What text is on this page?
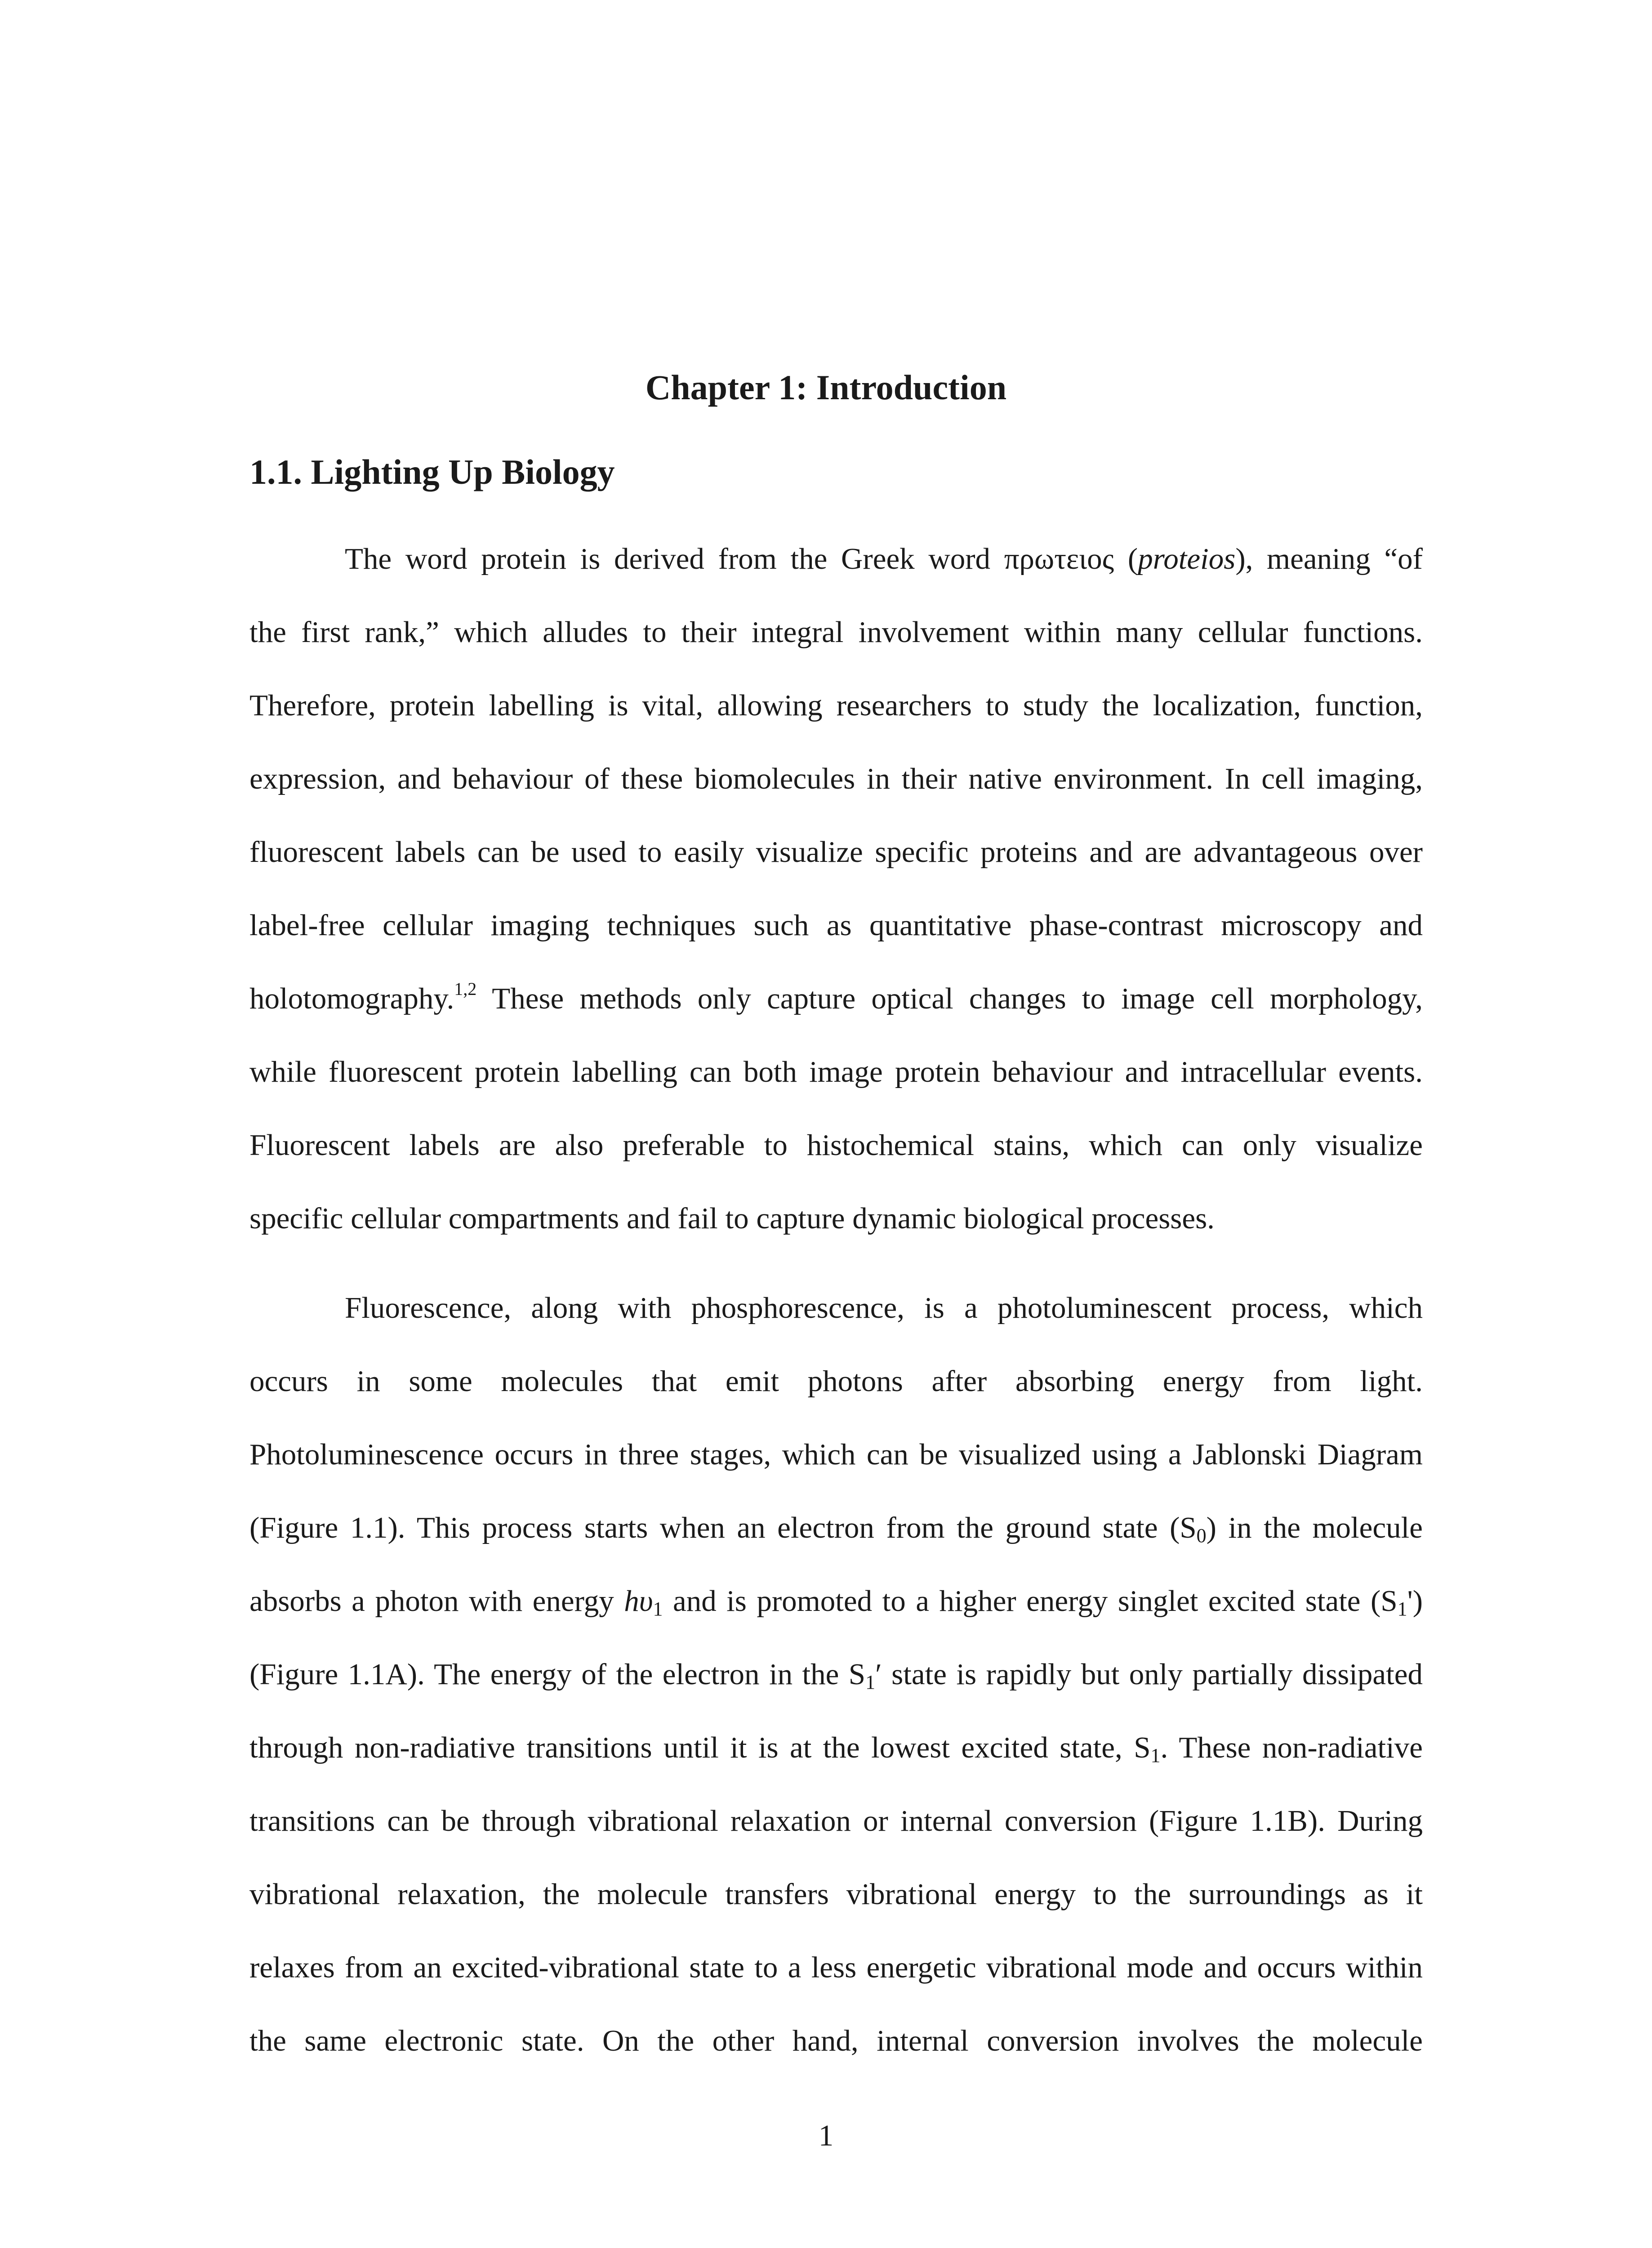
Chapter 1: Introduction
1.1. Lighting Up Biology
The word protein is derived from the Greek word πρωτειος (proteios), meaning “of
the first rank,” which alludes to their integral involvement within many cellular functions.
Therefore, protein labelling is vital, allowing researchers to study the localization, function,
expression, and behaviour of these biomolecules in their native environment. In cell imaging,
fluorescent labels can be used to easily visualize specific proteins and are advantageous over
label-free cellular imaging techniques such as quantitative phase-contrast microscopy and
holotomography.$^{1,2}$ These methods only capture optical changes to image cell morphology,
while fluorescent protein labelling can both image protein behaviour and intracellular events.
Fluorescent labels are also preferable to histochemical stains, which can only visualize
specific cellular compartments and fail to capture dynamic biological processes.
Fluorescence, along with phosphorescence, is a photoluminescent process, which
occurs in some molecules that emit photons after absorbing energy from light.
Photoluminescence occurs in three stages, which can be visualized using a Jablonski Diagram
(Figure 1.1). This process starts when an electron from the ground state $(S_0)$ in the molecule
absorbs a photon with energy $h\upsilon_1$ and is promoted to a higher energy singlet excited state $(S_1')$
(Figure 1.1A). The energy of the electron in the $S_1'$ state is rapidly but only partially dissipated
through non-radiative transitions until it is at the lowest excited state, $S_1$. These non-radiative
transitions can be through vibrational relaxation or internal conversion (Figure 1.1B). During
vibrational relaxation, the molecule transfers vibrational energy to the surroundings as it
relaxes from an excited-vibrational state to a less energetic vibrational mode and occurs within
the same electronic state. On the other hand, internal conversion involves the molecule
1
